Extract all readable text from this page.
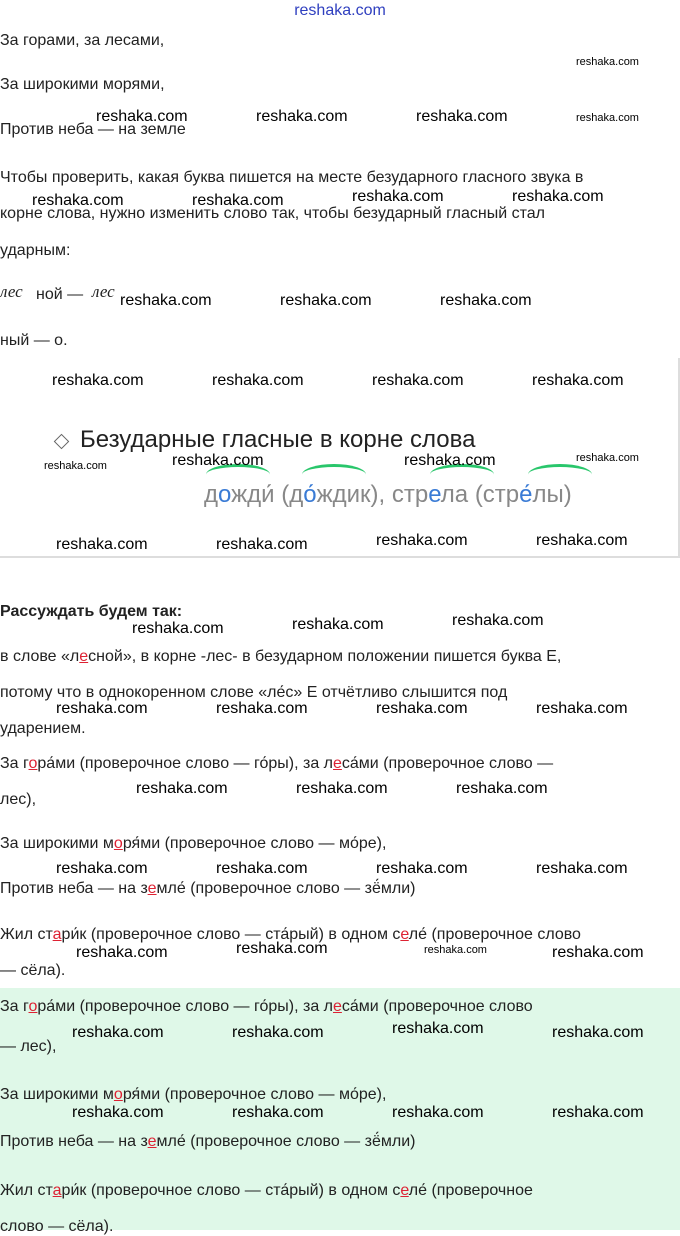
reshaka.com
За горами, за лесами,
За широкими морями,
Против неба — на земле
Чтобы проверить, какая буква пишется на месте безударного гласного звука в
корне слова, нужно изменить слово так, чтобы безударный гласный стал
ударным:
лес ной — лес
ный — о.
Безударные гласные в корне слова
дожди́ (до́ждик), стрела (стре́лы)
Рассуждать будем так:
в слове «лесной», в корне -лес- в безударном положении пишется буква Е,
потому что в однокоренном слове «ле́с» Е отчётливо слышится под
ударением.
За гора́ми (проверочное слово — го́ры), за леса́ми (проверочное слово —
лес),
За широкими моря́ми (проверочное слово — мо́ре),
Против неба — на земле́ (проверочное слово — зё́мли)
Жил стари́к (проверочное слово — ста́рый) в одном селе́ (проверочное слово
— сёла).
За гора́ми (проверочное слово — го́ры), за леса́ми (проверочное слово
— лес),
За широкими моря́ми (проверочное слово — мо́ре),
Против неба — на земле́ (проверочное слово — зё́мли)
Жил стари́к (проверочное слово — ста́рый) в одном селе́ (проверочное
слово — сёла).
reshaka.com
reshaka.com	reshaka.com	reshaka.com	reshaka.com
reshaka.com	reshaka.com	reshaka.com	reshaka.com
reshaka.com	reshaka.com	reshaka.com
reshaka.com	reshaka.com	reshaka.com	reshaka.com
reshaka.com	reshaka.com	reshaka.com	reshaka.com
reshaka.com	reshaka.com	reshaka.com	reshaka.com
reshaka.com	reshaka.com	reshaka.com
reshaka.com	reshaka.com	reshaka.com	reshaka.com
reshaka.com	reshaka.com	reshaka.com
reshaka.com	reshaka.com	reshaka.com	reshaka.com
reshaka.com	reshaka.com	reshaka.com	reshaka.com
reshaka.com	reshaka.com	reshaka.com	reshaka.com
reshaka.com	reshaka.com	reshaka.com	reshaka.com
